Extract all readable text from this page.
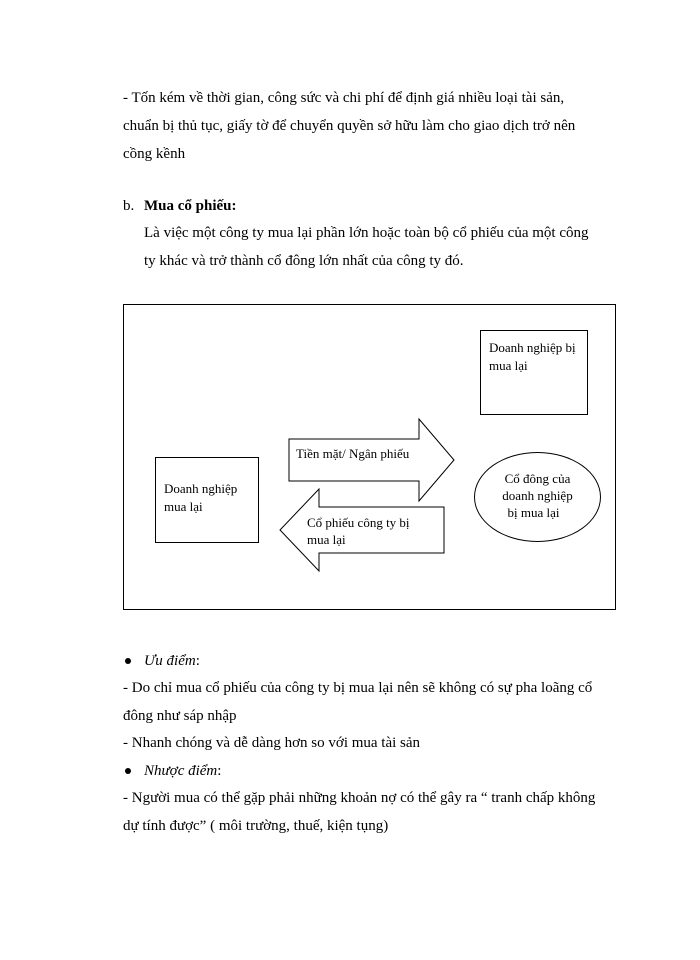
- Tốn kém về thời gian, công sức và chi phí để định giá nhiều loại tài sản,
chuẩn bị thủ tục, giấy tờ để chuyển quyền sở hữu làm cho giao dịch trở nên
cồng kềnh
b. Mua cổ phiếu:
Là việc một công ty mua lại phần lớn hoặc toàn bộ cổ phiếu của một công
ty khác và trở thành cổ đông lớn nhất của công ty đó.
Doanh nghiệp bị
mua lại
Doanh nghiệp
mua lại
Tiền mặt/ Ngân phiếu
Cổ phiếu công ty bị
mua lại
Cổ đông của
doanh nghiệp
bị mua lại
Ưu điểm:
- Do chỉ mua cổ phiếu của công ty bị mua lại nên sẽ không có sự pha loãng cổ
đông như sáp nhập
- Nhanh chóng và dễ dàng hơn so với mua tài sản
Nhược điểm:
- Người mua có thể gặp phải những khoản nợ có thể gây ra “ tranh chấp không
dự tính được” ( môi trường, thuế, kiện tụng)
